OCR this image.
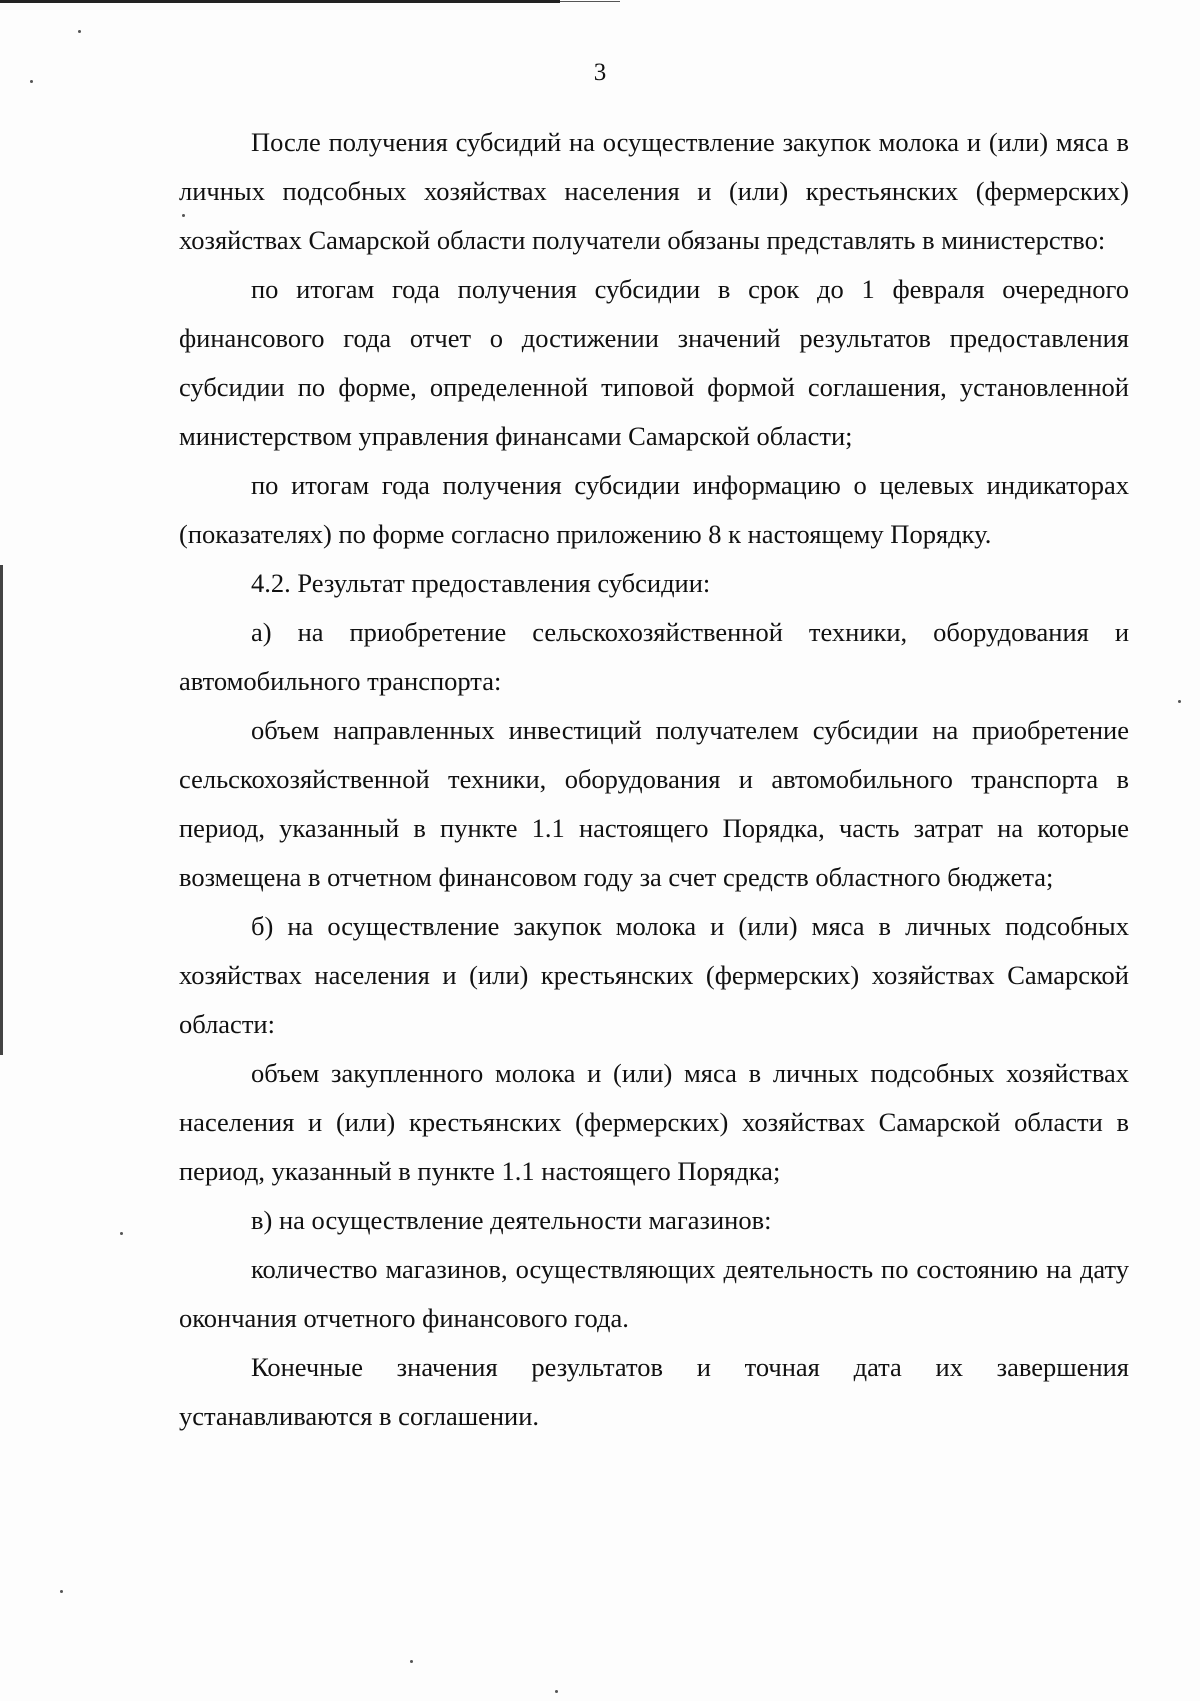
3

После получения субсидий на осуществление закупок молока и (или) мяса в личных подсобных хозяйствах населения и (или) крестьянских (фермерских) хозяйствах Самарской области получатели обязаны представлять в министерство:

по итогам года получения субсидии в срок до 1 февраля очередного финансового года отчет о достижении значений результатов предоставления субсидии по форме, определенной типовой формой соглашения, установленной министерством управления финансами Самарской области;

по итогам года получения субсидии информацию о целевых индикаторах (показателях) по форме согласно приложению 8 к настоящему Порядку.

4.2. Результат предоставления субсидии:

а) на приобретение сельскохозяйственной техники, оборудования и автомобильного транспорта:

объем направленных инвестиций получателем субсидии на приобретение сельскохозяйственной техники, оборудования и автомобильного транспорта в период, указанный в пункте 1.1 настоящего Порядка, часть затрат на которые возмещена в отчетном финансовом году за счет средств областного бюджета;

б) на осуществление закупок молока и (или) мяса в личных подсобных хозяйствах населения и (или) крестьянских (фермерских) хозяйствах Самарской области:

объем закупленного молока и (или) мяса в личных подсобных хозяйствах населения и (или) крестьянских (фермерских) хозяйствах Самарской области в период, указанный в пункте 1.1 настоящего Порядка;

в) на осуществление деятельности магазинов:

количество магазинов, осуществляющих деятельность по состоянию на дату окончания отчетного финансового года.

Конечные значения результатов и точная дата их завершения устанавливаются в соглашении.
